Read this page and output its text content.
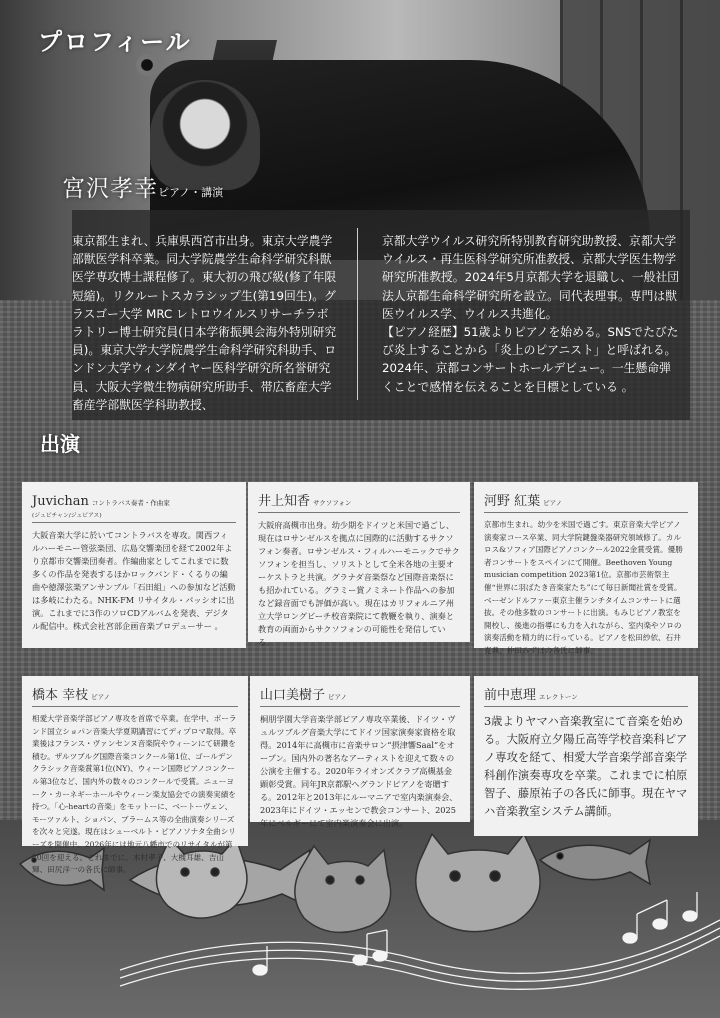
プロフィール
宮沢孝幸ピアノ・講演

東京都生まれ、兵庫県西宮市出身。東京大学農学部獣医学科卒業。同大学院農学生命科学研究科獣医学専攻博士課程修了。東大初の飛び級(修了年限短縮)。リクルートスカラシップ生(第19回生)。グラスゴー大学 MRC レトロウイルスリサーチラボラトリー博士研究員(日本学術振興会海外特別研究員)。東京大学大学院農学生命科学研究科助手、ロンドン大学ウィンダイヤー医科学研究所名誉研究員、大阪大学微生物病研究所助手、帯広畜産大学畜産学部獣医学科助教授、

京都大学ウイルス研究所特別教育研究助教授、京都大学ウイルス・再生医科学研究所准教授、京都大学医生物学研究所准教授。2024年5月京都大学を退職し、一般社団法人京都生命科学研究所を設立。同代表理事。専門は獣医ウイルス学、ウイルス共進化。

【ピアノ経歴】51歳よりピアノを始める。SNSでたびたび炎上することから「炎上のピアニスト」と呼ばれる。2024年、京都コンサートホールデビュー。一生懸命弾くことで感情を伝えることを目標としている 。

出演
Juvichan コントラバス奏者・作曲家
(ジュビチャン/ジュビアス)
大阪音楽大学に於いてコントラバスを専攻。関西フィルハーモニー管弦楽団、広島交響楽団を経て2002年より京都市交響楽団奏者。作編曲家としてこれまでに数多くの作品を発表するほかロックバンド・くるりの編曲や徳澤弦楽アンサンブル「石田組」への参加など活動は多岐にわたる。NHK-FM リサイタル・パッシオに出演。これまでに3作のソロCDアルバムを発表、デジタル配信中。株式会社宮部企画音楽プロデューサー 。
井上知香 サクソフォン
大阪府高槻市出身。幼少期をドイツと米国で過ごし、現在はロサンゼルスを拠点に国際的に活動するサクソフォン奏者。ロサンゼルス・フィルハーモニックでサクソフォンを担当し、ソリストとして全米各地の主要オーケストラと共演。グラナダ音楽祭など国際音楽祭にも招かれている。グラミー賞ノミネート作品への参加など録音面でも評価が高い。現在はカリフォルニア州立大学ロングビーチ校音楽院にて教鞭を執り、演奏と教育の両面からサクソフォンの可能性を発信している。
河野 紅葉 ピアノ
京都市生まれ。幼少を米国で過ごす。東京音楽大学ピアノ演奏家コース卒業、同大学院鍵盤楽器研究領域修了。カルロス&ソフィア国際ピアノコンクール2022金賞受賞。優勝者コンサートをスペインにて開催。Beethoven Young musician competition 2023第1位。京都市芸術祭主催“世界に羽ばたき音楽家たち”にて毎日新聞社賞を受賞。ベーゼンドルファー東京主催ランチタイムコンサートに選抜。その他多数のコンサートに出演。もみじピアノ教室を開校し、後進の指導にも力を入れながら、室内楽やソロの演奏活動を精力的に行っている。ピアノを松田紗依、石井克典、仲田みずほの各氏に師事。
橋本 幸枝 ピアノ
相愛大学音楽学部ピアノ専攻を首席で卒業。在学中、ポーランド国立ショパン音楽大学夏期講習にてディプロマ取得。卒業後はフランス・ヴァンセンヌ音楽院やウィーンにて研鑽を積む。ザルツブルグ国際音楽コンクール第1位、ゴールデンクラシック音楽賞第1位(NY)、ウィーン国際ピアノコンクール第3位など、国内外の数々のコンクールで受賞。ニューヨーク・カーネギーホールやウィーン楽友協会での演奏実績を持つ。「心-heartの音楽」をモットーに、ベートーヴェン、モーツァルト、ショパン、ブラームス等の全曲演奏シリーズを次々と完遂。現在はシューベルト・ピアノソナタ全曲シリーズを開催中。2026年には地元八幡市でのリサイタルが第20回を迎える。これまでに、木村孝子、大槻耳雄、吉山輝、田尻洋一の各氏に師事。
山口美樹子 ピアノ
桐朋学園大学音楽学部ピアノ専攻卒業後、ドイツ・ヴュルツブルグ音楽大学にてドイツ国家演奏家資格を取得。2014年に高槻市に音楽サロン“摂津響Saal”をオープン。国内外の著名なアーティストを迎えて数々の公演を主催する。2020年ライオンズクラブ高槻基金顕彰受賞。同年JR京都駅へグランドピアノを寄贈する。2012年と2013年にルーマニアで室内楽演奏会、2023年にドイツ・エッセンで教会コンサート、2025年にベルギーにて室内楽演奏会に出演。
前中恵理 エレクトーン
3歳よりヤマハ音楽教室にて音楽を始める。大阪府立夕陽丘高等学校音楽科ピアノ専攻を経て、相愛大学音楽学部音楽学科創作演奏専攻を卒業。これまでに柏原智子、藤原祐子の各氏に師事。現在ヤマハ音楽教室システム講師。
